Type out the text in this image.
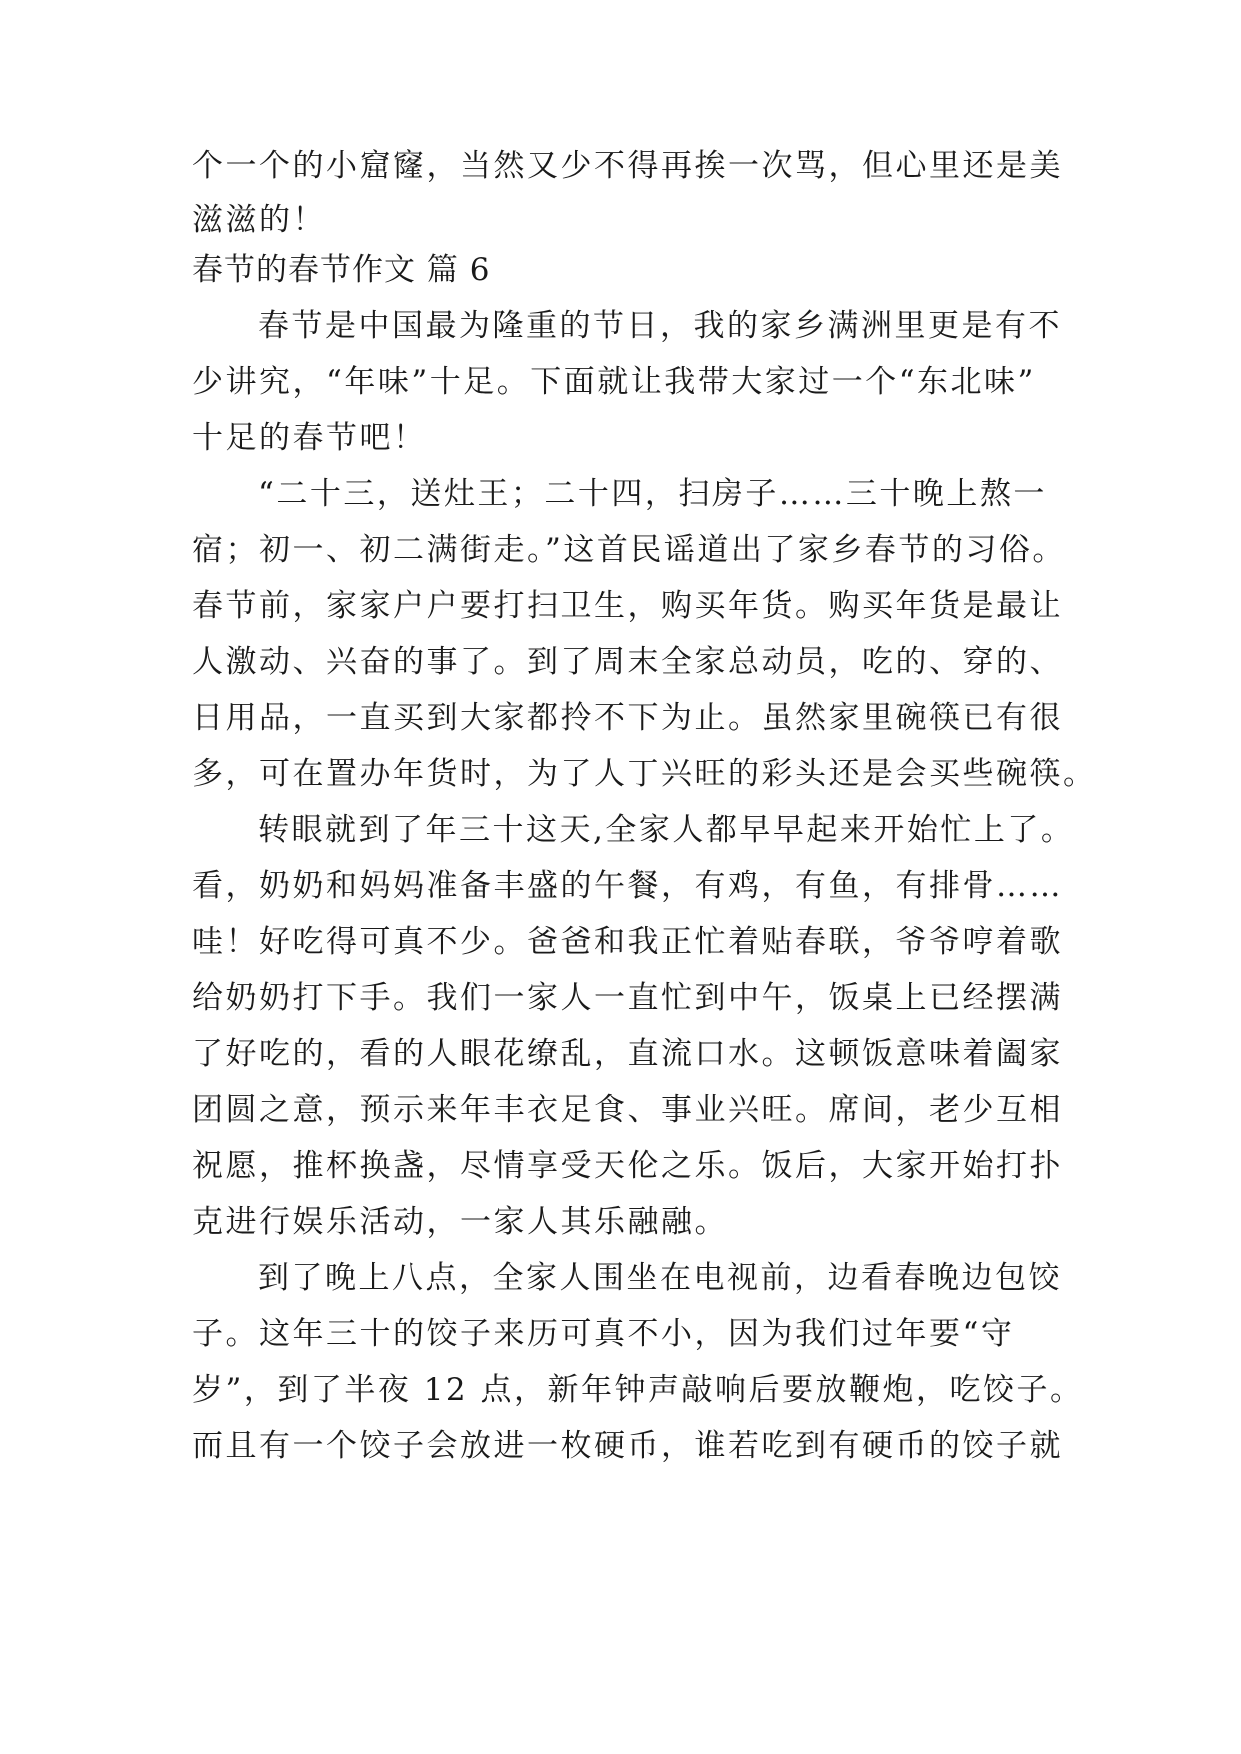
个一个的小窟窿，当然又少不得再挨一次骂，但心里还是美
滋滋的！
春节的春节作文 篇 6
春节是中国最为隆重的节日，我的家乡满洲里更是有不
少讲究，“年味”十足。下面就让我带大家过一个“东北味”
十足的春节吧！
“二十三，送灶王；二十四，扫房子……三十晚上熬一
宿；初一、初二满街走。”这首民谣道出了家乡春节的习俗。
春节前，家家户户要打扫卫生，购买年货。购买年货是最让
人激动、兴奋的事了。到了周末全家总动员，吃的、穿的、
日用品，一直买到大家都拎不下为止。虽然家里碗筷已有很
多，可在置办年货时，为了人丁兴旺的彩头还是会买些碗筷。
转眼就到了年三十这天,全家人都早早起来开始忙上了。
看，奶奶和妈妈准备丰盛的午餐，有鸡，有鱼，有排骨……
哇！好吃得可真不少。爸爸和我正忙着贴春联，爷爷哼着歌
给奶奶打下手。我们一家人一直忙到中午，饭桌上已经摆满
了好吃的，看的人眼花缭乱，直流口水。这顿饭意味着阖家
团圆之意，预示来年丰衣足食、事业兴旺。席间，老少互相
祝愿，推杯换盏，尽情享受天伦之乐。饭后，大家开始打扑
克进行娱乐活动，一家人其乐融融。
到了晚上八点，全家人围坐在电视前，边看春晚边包饺
子。这年三十的饺子来历可真不小，因为我们过年要“守
岁”，到了半夜 12 点，新年钟声敲响后要放鞭炮，吃饺子。
而且有一个饺子会放进一枚硬币，谁若吃到有硬币的饺子就
